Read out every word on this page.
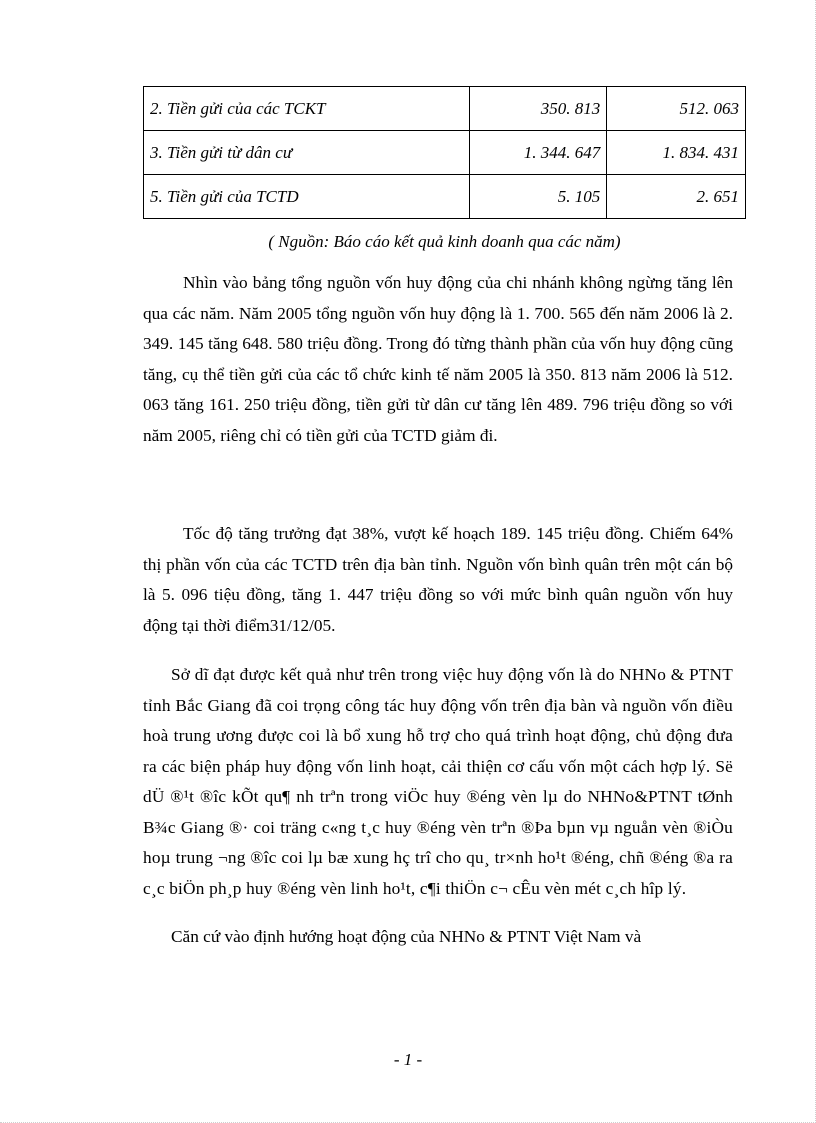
2. Tiền gửi của các TCKT	350. 813	512. 063
3. Tiền gửi từ dân cư	1. 344. 647	1. 834. 431
5. Tiền gửi của TCTD	5. 105	2. 651
( Nguồn: Báo cáo kết quả kinh doanh qua các năm)

Nhìn vào bảng tổng nguồn vốn huy động của chi nhánh không ngừng tăng lên qua các năm. Năm 2005 tổng nguồn vốn huy động là 1. 700. 565 đến năm 2006 là 2. 349. 145 tăng 648. 580 triệu đồng. Trong đó từng thành phần của vốn huy động cũng tăng, cụ thể tiền gửi của các tổ chức kinh tế năm 2005 là 350. 813 năm 2006 là 512. 063 tăng 161. 250 triệu đồng, tiền gửi từ dân cư tăng lên 489. 796 triệu đồng so với năm 2005, riêng chỉ có tiền gửi của TCTD giảm đi.

Tốc độ tăng trưởng đạt 38%, vượt kế hoạch 189. 145 triệu đồng. Chiếm 64% thị phần vốn của các TCTD trên địa bàn tỉnh. Nguồn vốn bình quân trên một cán bộ là 5. 096 tiệu đồng, tăng 1. 447 triệu đồng so với mức bình quân nguồn vốn huy động tại thời điểm31/12/05.

Sở dĩ đạt được kết quả như trên trong việc huy động vốn là do NHNo & PTNT tỉnh Bắc Giang đã coi trọng công tác huy động vốn trên địa bàn và nguồn vốn điều hoà trung ương được coi là bổ xung hỗ trợ cho quá trình hoạt động, chủ động đưa ra các biện pháp huy động vốn linh hoạt, cải thiện cơ cấu vốn một cách hợp lý. Së dÜ ®¹t ®îc kÕt qu¶ nh trªn trong viÖc huy ®éng vèn lµ do NHNo&PTNT tØnh B¾c Giang ®· coi träng c«ng t¸c huy ®éng vèn trªn ®Þa bµn vµ nguån vèn ®iÒu hoµ trung ¬ng ®îc coi lµ bæ xung hç trî cho qu¸ tr×nh ho¹t ®éng, chñ ®éng ®a ra c¸c biÖn ph¸p huy ®éng vèn linh ho¹t, c¶i thiÖn c¬ cÊu vèn mét c¸ch hîp lý.

Căn cứ vào định hướng hoạt động của NHNo & PTNT Việt Nam và

- 1 -
